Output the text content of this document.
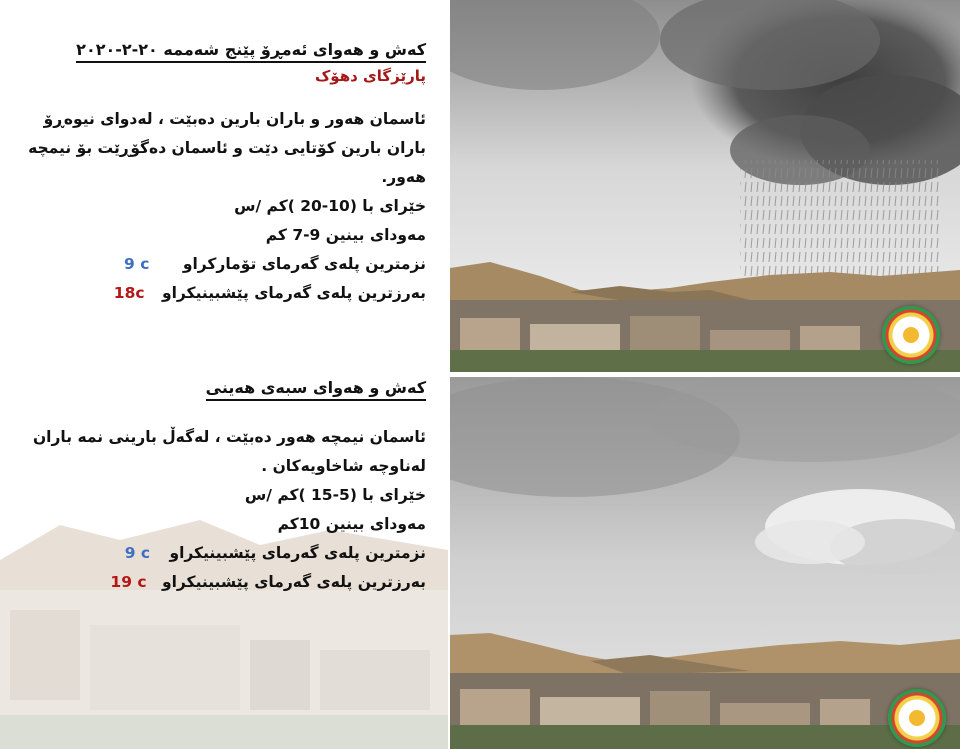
کەش و هەوای ئەمڕۆ پێنج شەممە ٢٠-٢-٢٠٢٠
پارێزگای دهۆک
ئاسمان هەور و باران بارین دەبێت ، لەدوای نیوەڕۆ باران بارین کۆتایی دێت و ئاسمان دەگۆڕێت بۆ نیمچە هەور.
خێرای با (10-20 )کم /س
مەودای بینین 9-7 کم
نزمترین پلەی گەرمای تۆمارکراو 9 c
بەرزترین پلەی گەرمای پێشبینیکراو 18c
کەش و هەوای سبەی هەینی
ئاسمان نیمچە هەور دەبێت ، لەگەڵ بارینی نمە باران لەناوچە شاخاویەکان .
خێرای با (5-15 )کم /س
مەودای بینین 10کم
نزمترین پلەی گەرمای پێشبینیکراو 9 c
بەرزترین پلەی گەرمای پێشبینیکراو 19 c
